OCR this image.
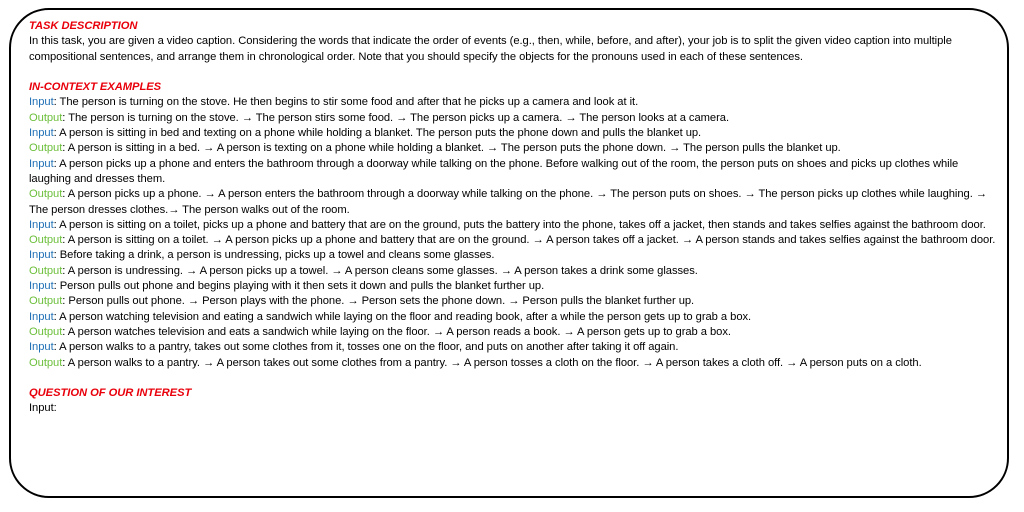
TASK DESCRIPTION
In this task, you are given a video caption. Considering the words that indicate the order of events (e.g., then, while, before, and after), your job is to split the given video caption into multiple compositional sentences, and arrange them in chronological order. Note that you should specify the objects for the pronouns used in each of these sentences.
IN-CONTEXT EXAMPLES
Input: The person is turning on the stove. He then begins to stir some food and after that he picks up a camera and look at it.
Output: The person is turning on the stove. → The person stirs some food. → The person picks up a camera. → The person looks at a camera.
Input: A person is sitting in bed and texting on a phone while holding a blanket. The person puts the phone down and pulls the blanket up.
Output: A person is sitting in a bed. → A person is texting on a phone while holding a blanket. → The person puts the phone down. → The person pulls the blanket up.
Input: A person picks up a phone and enters the bathroom through a doorway while talking on the phone. Before walking out of the room, the person puts on shoes and picks up clothes while laughing and dresses them.
Output: A person picks up a phone. → A person enters the bathroom through a doorway while talking on the phone. → The person puts on shoes. → The person picks up clothes while laughing. → The person dresses clothes.→ The person walks out of the room.
Input: A person is sitting on a toilet, picks up a phone and battery that are on the ground, puts the battery into the phone, takes off a jacket, then stands and takes selfies against the bathroom door.
Output: A person is sitting on a toilet. → A person picks up a phone and battery that are on the ground. → A person takes off a jacket. → A person stands and takes selfies against the bathroom door.
Input: Before taking a drink, a person is undressing, picks up a towel and cleans some glasses.
Output: A person is undressing. → A person picks up a towel. → A person cleans some glasses. → A person takes a drink some glasses.
Input: Person pulls out phone and begins playing with it then sets it down and pulls the blanket further up.
Output: Person pulls out phone. → Person plays with the phone. → Person sets the phone down. → Person pulls the blanket further up.
Input: A person watching television and eating a sandwich while laying on the floor and reading book, after a while the person gets up to grab a box.
Output: A person watches television and eats a sandwich while laying on the floor. → A person reads a book. → A person gets up to grab a box.
Input: A person walks to a pantry, takes out some clothes from it, tosses one on the floor, and puts on another after taking it off again.
Output: A person walks to a pantry. → A person takes out some clothes from a pantry. → A person tosses a cloth on the floor. → A person takes a cloth off. → A person puts on a cloth.
QUESTION OF OUR INTEREST
Input:
